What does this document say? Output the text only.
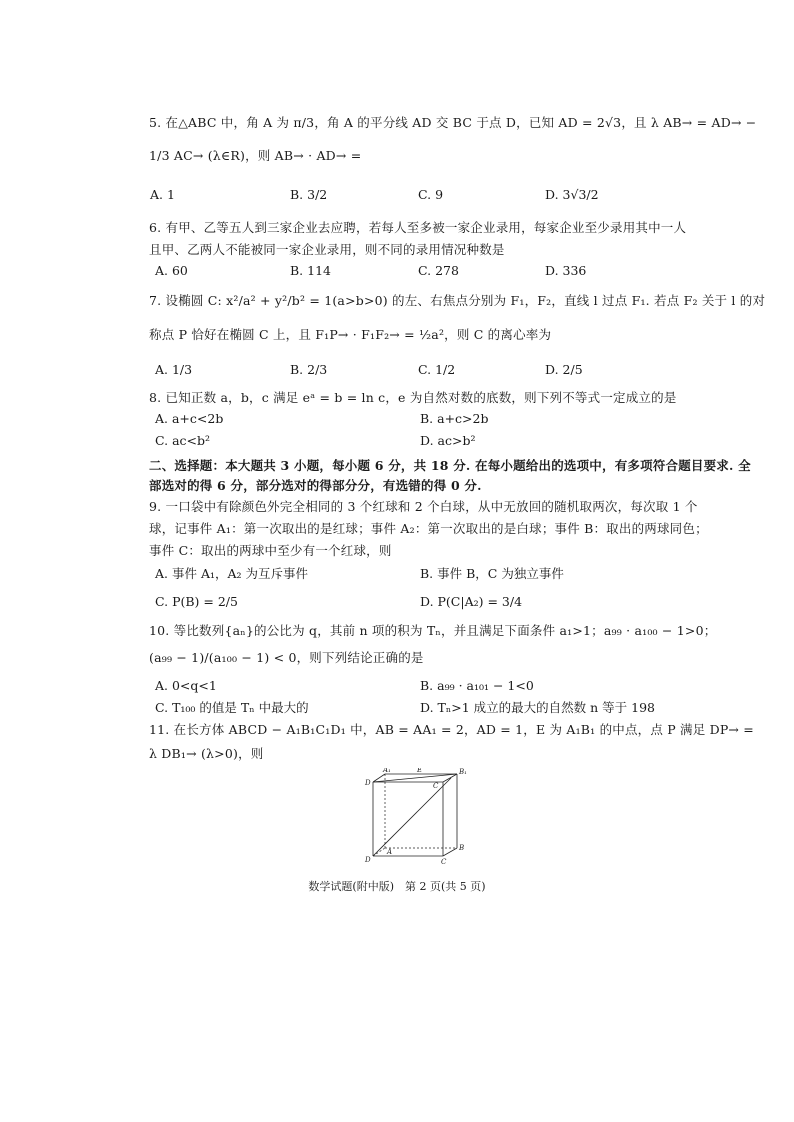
5. 在△ABC 中，角 A 为 π/3，角 A 的平分线 AD 交 BC 于点 D，已知 AD = 2√3，且 λ AB→ = AD→ −
1/3 AC→ (λ∈R)，则 AB→ · AD→ =
A. 1	B. 3/2	C. 9	D. 3√3/2
6. 有甲、乙等五人到三家企业去应聘，若每人至多被一家企业录用，每家企业至少录用其中一人
且甲、乙两人不能被同一家企业录用，则不同的录用情况种数是
A. 60	B. 114	C. 278	D. 336
7. 设椭圆 C: x²/a² + y²/b² = 1(a>b>0) 的左、右焦点分别为 F₁，F₂，直线 l 过点 F₁. 若点 F₂ 关于 l 的对
称点 P 恰好在椭圆 C 上，且 F₁P→ · F₁F₂→ = ½a²，则 C 的离心率为
A. 1/3	B. 2/3	C. 1/2	D. 2/5
8. 已知正数 a，b，c 满足 eᵃ = b = ln c，e 为自然对数的底数，则下列不等式一定成立的是
A. a+c<2b	B. a+c>2b
C. ac<b²	D. ac>b²
二、选择题：本大题共 3 小题，每小题 6 分，共 18 分. 在每小题给出的选项中，有多项符合题目要求. 全
部选对的得 6 分，部分选对的得部分分，有选错的得 0 分.
9. 一口袋中有除颜色外完全相同的 3 个红球和 2 个白球，从中无放回的随机取两次，每次取 1 个
球，记事件 A₁：第一次取出的是红球；事件 A₂：第一次取出的是白球；事件 B：取出的两球同色；
事件 C：取出的两球中至少有一个红球，则
A. 事件 A₁，A₂ 为互斥事件	B. 事件 B，C 为独立事件
C. P(B) = 2/5	D. P(C|A₂) = 3/4
10. 等比数列{aₙ}的公比为 q，其前 n 项的积为 Tₙ，并且满足下面条件 a₁>1；a₉₉ · a₁₀₀ − 1>0；
(a₉₉ − 1)/(a₁₀₀ − 1) < 0，则下列结论正确的是
A. 0<q<1	B. a₉₉ · a₁₀₁ − 1<0
C. T₁₀₀ 的值是 Tₙ 中最大的	D. Tₙ>1 成立的最大的自然数 n 等于 198
11. 在长方体 ABCD − A₁B₁C₁D₁ 中，AB = AA₁ = 2，AD = 1，E 为 A₁B₁ 的中点，点 P 满足 DP→ =
λ DB₁→ (λ>0)，则
A₁	B₁
C
D
E
A	B
C
D
数学试题(附中版)　第 2 页(共 5 页)
